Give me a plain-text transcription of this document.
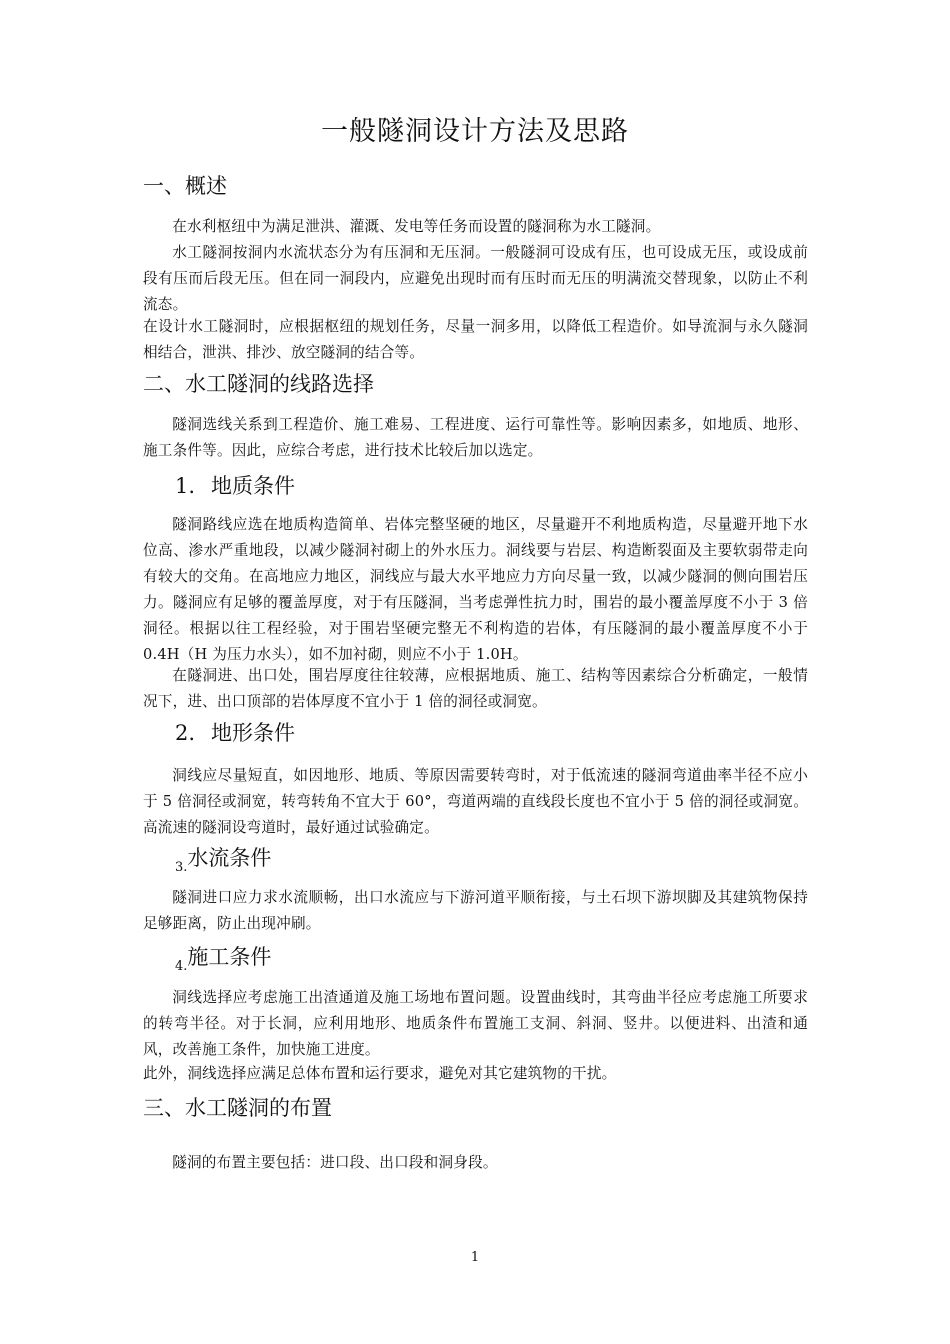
一般隧洞设计方法及思路
一、概述
在水利枢纽中为满足泄洪、灌溉、发电等任务而设置的隧洞称为水工隧洞。
水工隧洞按洞内水流状态分为有压洞和无压洞。一般隧洞可设成有压，也可设成无压，或设成前段有压而后段无压。但在同一洞段内，应避免出现时而有压时而无压的明满流交替现象，以防止不利流态。
在设计水工隧洞时，应根据枢纽的规划任务，尽量一洞多用，以降低工程造价。如导流洞与永久隧洞相结合，泄洪、排沙、放空隧洞的结合等。
二、水工隧洞的线路选择
隧洞选线关系到工程造价、施工难易、工程进度、运行可靠性等。影响因素多，如地质、地形、施工条件等。因此，应综合考虑，进行技术比较后加以选定。
1. 地质条件
隧洞路线应选在地质构造简单、岩体完整坚硬的地区，尽量避开不利地质构造，尽量避开地下水位高、渗水严重地段，以减少隧洞衬砌上的外水压力。洞线要与岩层、构造断裂面及主要软弱带走向有较大的交角。在高地应力地区，洞线应与最大水平地应力方向尽量一致，以减少隧洞的侧向围岩压力。隧洞应有足够的覆盖厚度，对于有压隧洞，当考虑弹性抗力时，围岩的最小覆盖厚度不小于 3 倍洞径。根据以往工程经验，对于围岩坚硬完整无不利构造的岩体，有压隧洞的最小覆盖厚度不小于 0.4H（H 为压力水头），如不加衬砌，则应不小于 1.0H。
在隧洞进、出口处，围岩厚度往往较薄，应根据地质、施工、结构等因素综合分析确定，一般情况下，进、出口顶部的岩体厚度不宜小于 1 倍的洞径或洞宽。
2. 地形条件
洞线应尽量短直，如因地形、地质、等原因需要转弯时，对于低流速的隧洞弯道曲率半径不应小于 5 倍洞径或洞宽，转弯转角不宜大于 60°，弯道两端的直线段长度也不宜小于 5 倍的洞径或洞宽。高流速的隧洞设弯道时，最好通过试验确定。
$_{3.}$水流条件
隧洞进口应力求水流顺畅，出口水流应与下游河道平顺衔接，与土石坝下游坝脚及其建筑物保持足够距离，防止出现冲刷。
$_{4.}$施工条件
洞线选择应考虑施工出渣通道及施工场地布置问题。设置曲线时，其弯曲半径应考虑施工所要求的转弯半径。对于长洞，应利用地形、地质条件布置施工支洞、斜洞、竖井。以便进料、出渣和通风，改善施工条件，加快施工进度。
此外，洞线选择应满足总体布置和运行要求，避免对其它建筑物的干扰。
三、水工隧洞的布置
隧洞的布置主要包括：进口段、出口段和洞身段。
1
